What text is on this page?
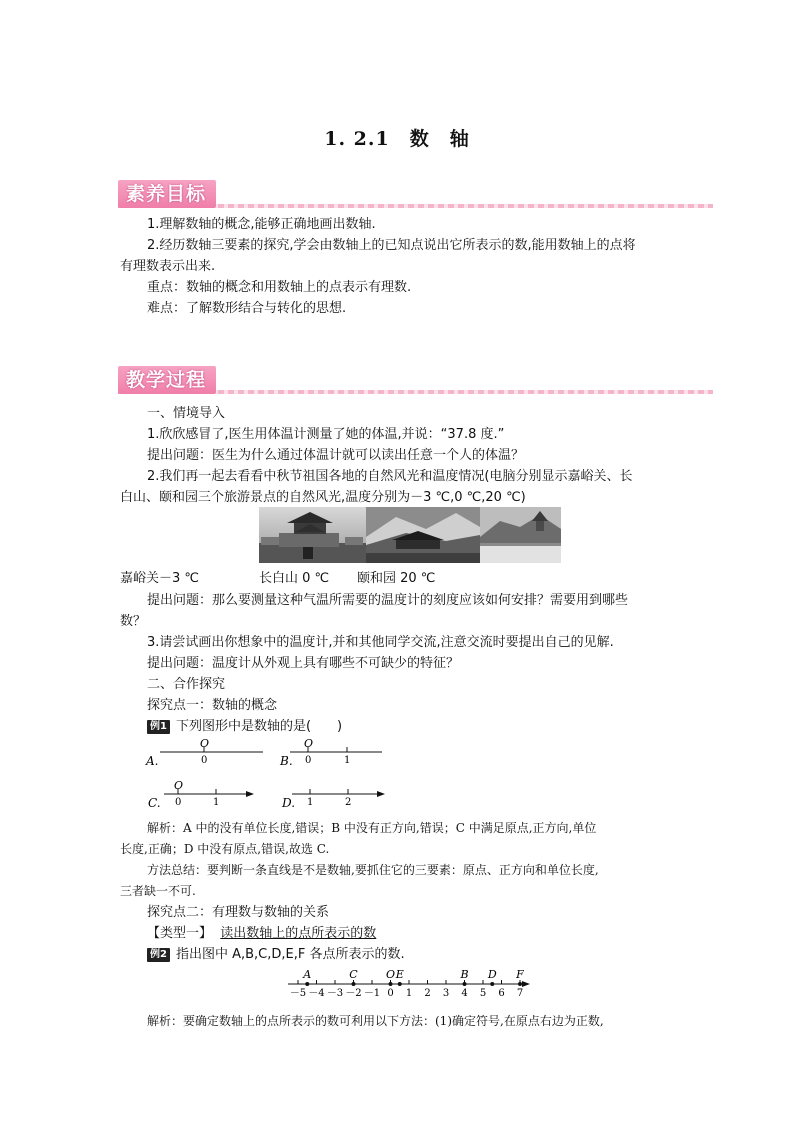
1. 2.1 数 轴
素养目标
1.理解数轴的概念,能够正确地画出数轴.
2.经历数轴三要素的探究,学会由数轴上的已知点说出它所表示的数,能用数轴上的点将
有理数表示出来.
重点：数轴的概念和用数轴上的点表示有理数.
难点：了解数形结合与转化的思想.
教学过程
一、情境导入
1.欣欣感冒了,医生用体温计测量了她的体温,并说：“37.8 度.”
提出问题：医生为什么通过体温计就可以读出任意一个人的体温？
2.我们再一起去看看中秋节祖国各地的自然风光和温度情况(电脑分别显示嘉峪关、长
白山、颐和园三个旅游景点的自然风光,温度分别为－3 ℃,0 ℃,20 ℃)
嘉峪关－3 ℃	长白山 0 ℃ 颐和园 20 ℃
提出问题：那么要测量这种气温所需要的温度计的刻度应该如何安排？需要用到哪些
数？
3.请尝试画出你想象中的温度计,并和其他同学交流,注意交流时要提出自己的见解.
提出问题：温度计从外观上具有哪些不可缺少的特征？
二、合作探究
探究点一：数轴的概念
例1 下列图形中是数轴的是(　　)
A.
O
0	B.
O
0	1
C.
O
0	1	D. 1	2
解析：A 中的没有单位长度,错误；B 中没有正方向,错误；C 中满足原点,正方向,单位
长度,正确；D 中没有原点,错误,故选 C.
方法总结：要判断一条直线是不是数轴,要抓住它的三要素：原点、正方向和单位长度,
三者缺一不可.
探究点二：有理数与数轴的关系
【类型一】 读出数轴上的点所表示的数
例2 指出图中 A,B,C,D,E,F 各点所表示的数.
－5 －4 －3 －2 －1 0 1 2 3 4 5 6 7
A	C	O E	B D F
解析：要确定数轴上的点所表示的数可利用以下方法：(1)确定符号,在原点右边为正数,
